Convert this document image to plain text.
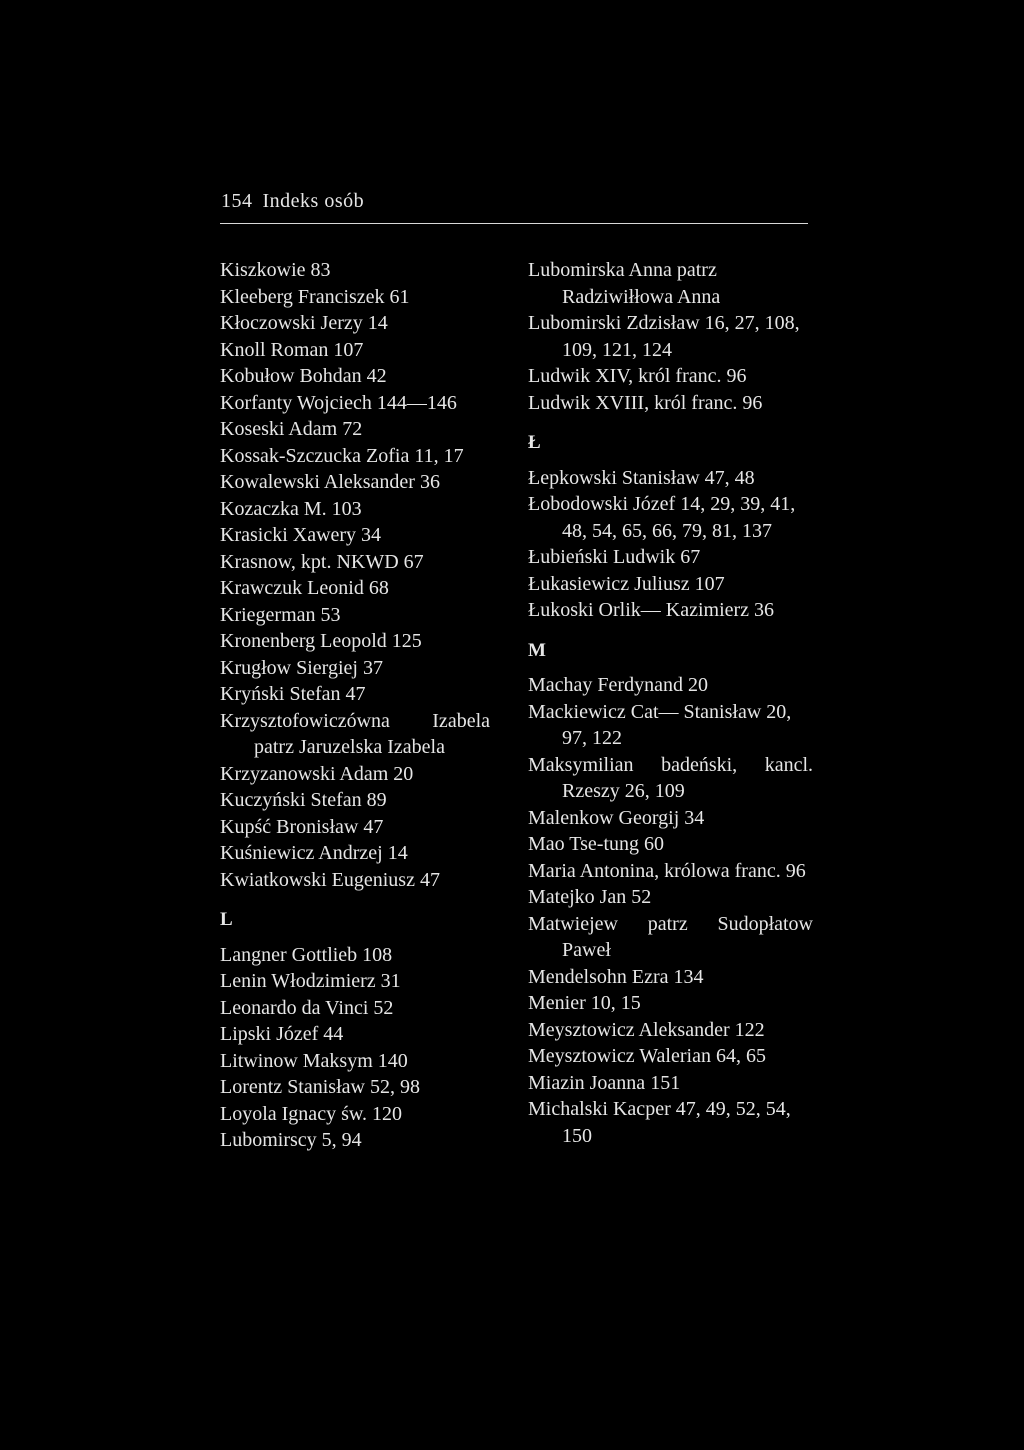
154 Indeks osób
Kiszkowie 83
Kleeberg Franciszek 61
Kłoczowski Jerzy 14
Knoll Roman 107
Kobułow Bohdan 42
Korfanty Wojciech 144—146
Koseski Adam 72
Kossak-Szczucka Zofia 11, 17
Kowalewski Aleksander 36
Kozaczka M. 103
Krasicki Xawery 34
Krasnow, kpt. NKWD 67
Krawczuk Leonid 68
Kriegerman 53
Kronenberg Leopold 125
Krugłow Siergiej 37
Kryński Stefan 47
Krzysztofowiczówna Izabela patrz Jaruzelska Izabela
Krzyzanowski Adam 20
Kuczyński Stefan 89
Kupść Bronisław 47
Kuśniewicz Andrzej 14
Kwiatkowski Eugeniusz 47
L
Langner Gottlieb 108
Lenin Włodzimierz 31
Leonardo da Vinci 52
Lipski Józef 44
Litwinow Maksym 140
Lorentz Stanisław 52, 98
Loyola Ignacy św. 120
Lubomirscy 5, 94
Lubomirska Anna patrz Radziwiłłowa Anna
Lubomirski Zdzisław 16, 27, 108, 109, 121, 124
Ludwik XIV, król franc. 96
Ludwik XVIII, król franc. 96
Ł
Łepkowski Stanisław 47, 48
Łobodowski Józef 14, 29, 39, 41, 48, 54, 65, 66, 79, 81, 137
Łubieński Ludwik 67
Łukasiewicz Juliusz 107
Łukoski Orlik— Kazimierz 36
M
Machay Ferdynand 20
Mackiewicz Cat— Stanisław 20, 97, 122
Maksymilian badeński, kancl. Rzeszy 26, 109
Malenkow Georgij 34
Mao Tse-tung 60
Maria Antonina, królowa franc. 96
Matejko Jan 52
Matwiejew patrz Sudopłatow Paweł
Mendelsohn Ezra 134
Menier 10, 15
Meysztowicz Aleksander 122
Meysztowicz Walerian 64, 65
Miazin Joanna 151
Michalski Kacper 47, 49, 52, 54, 150
